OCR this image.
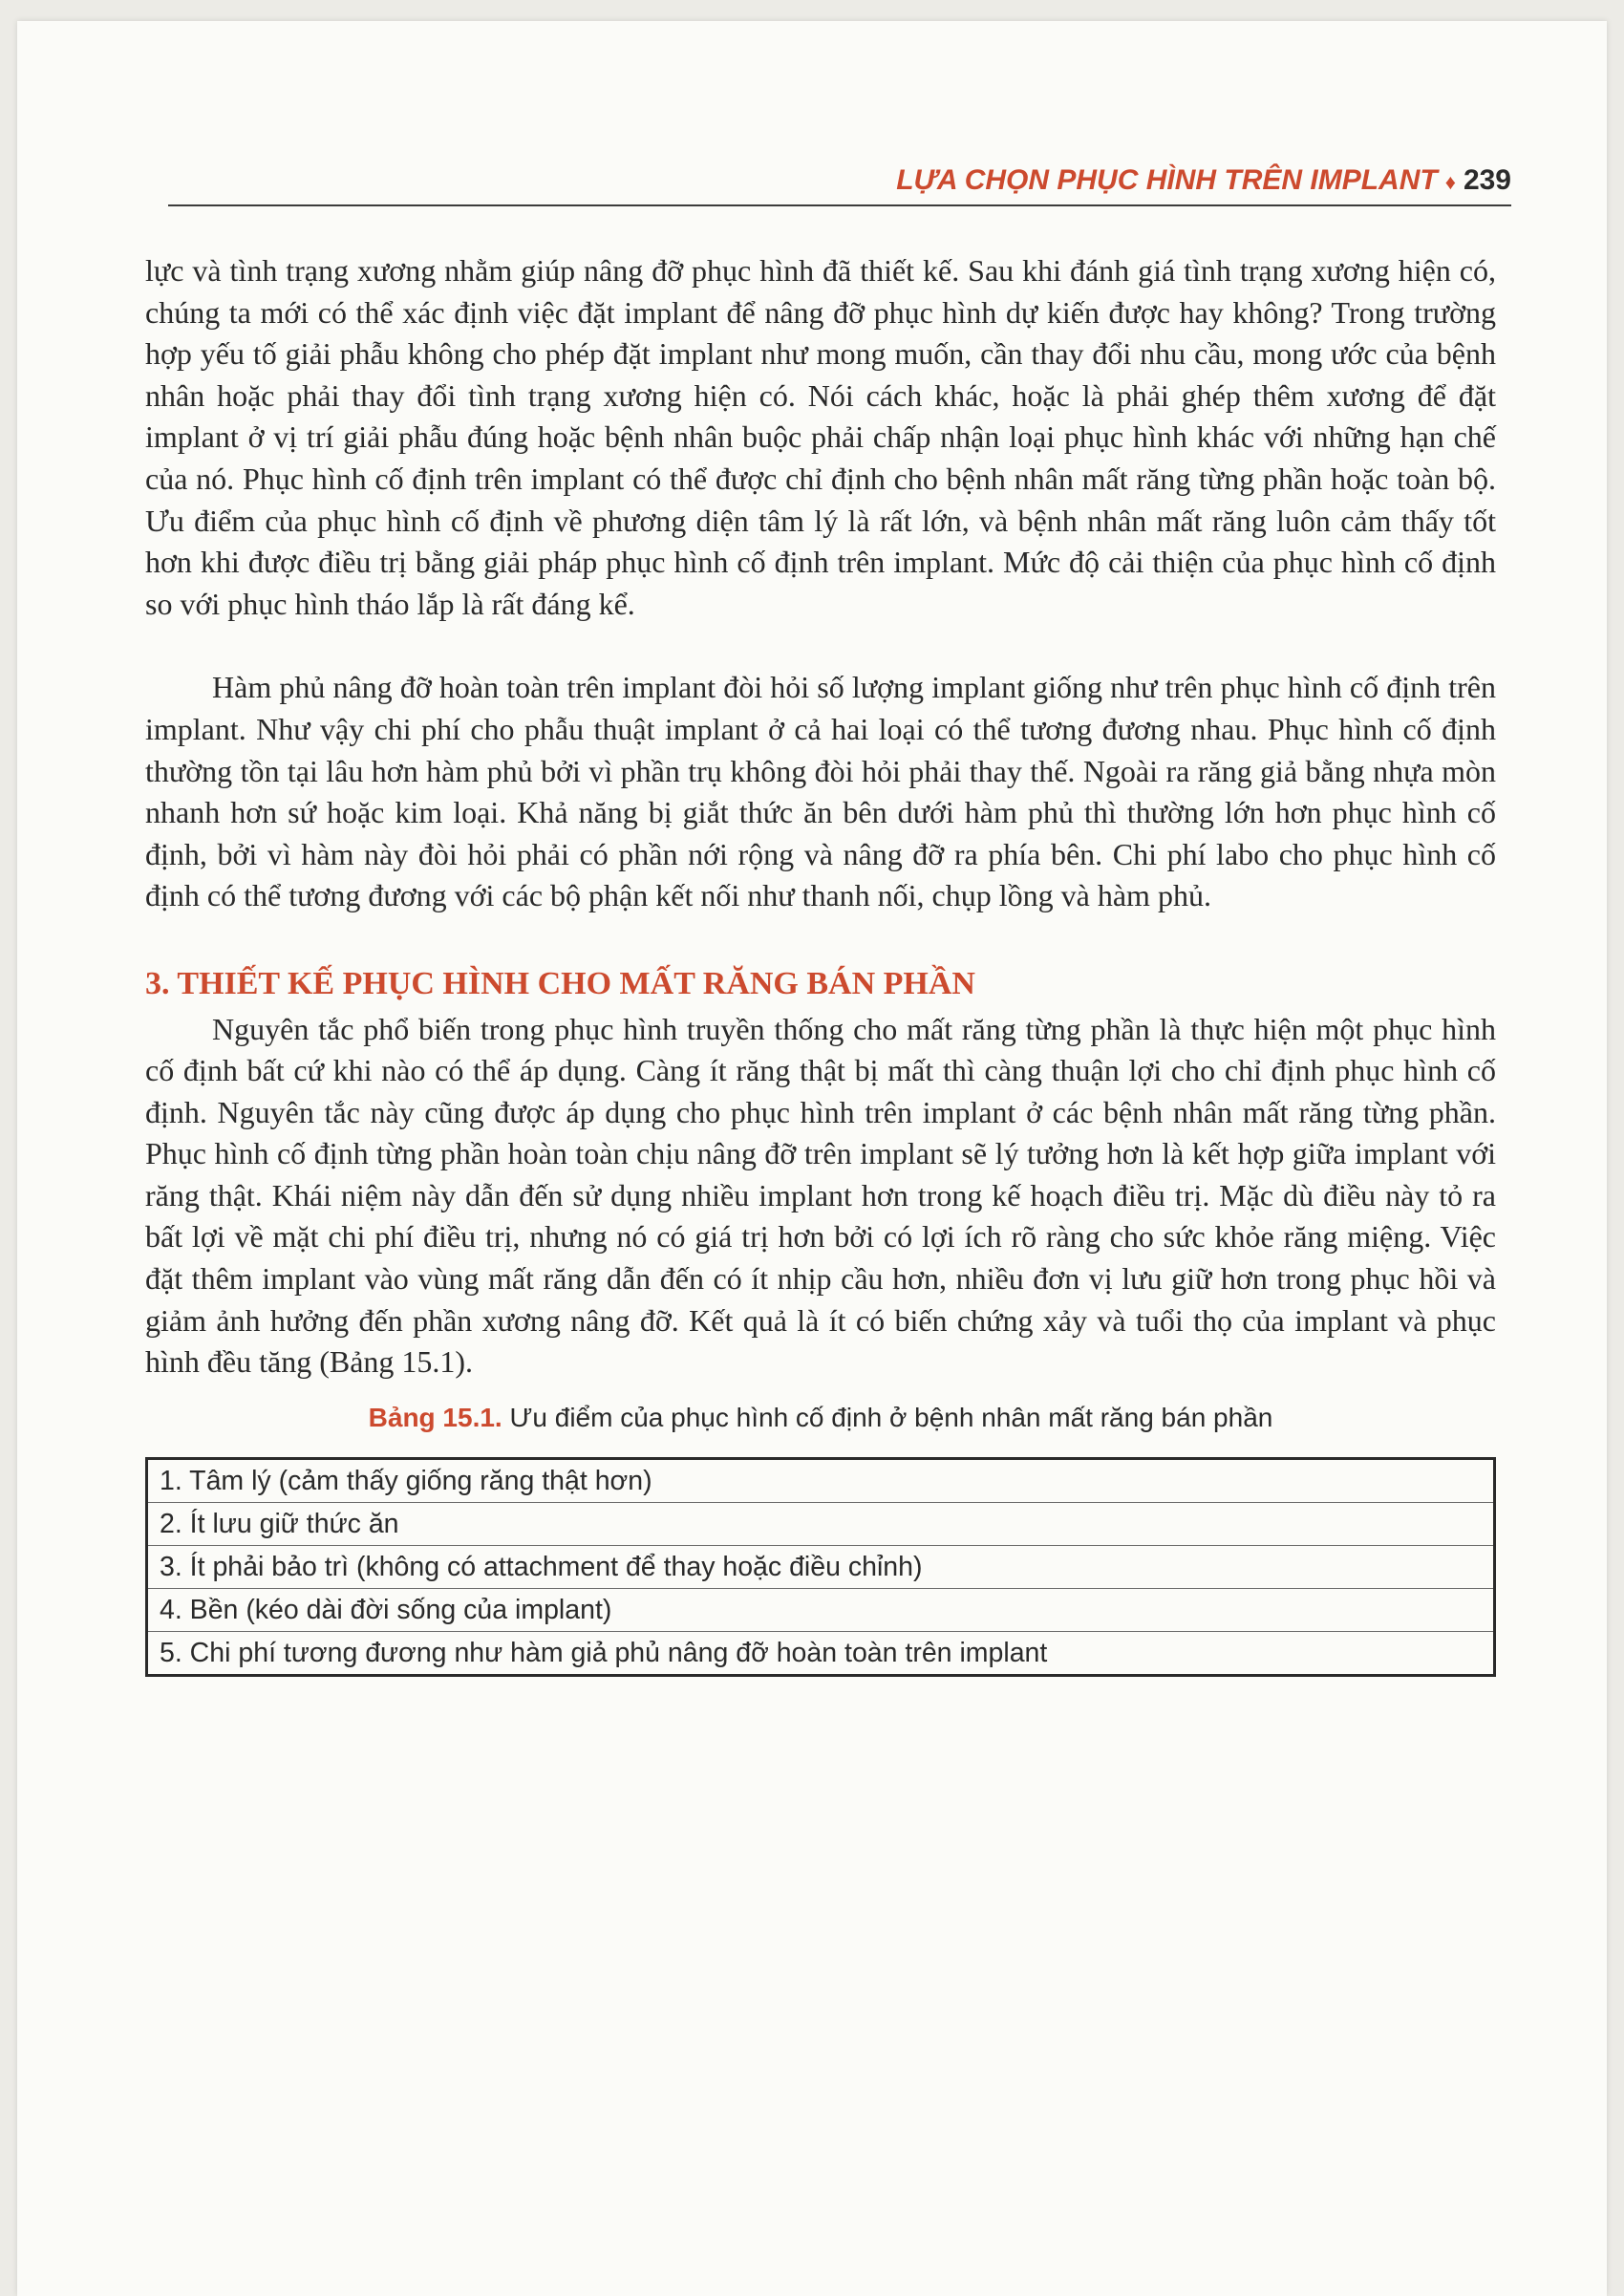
LỰA CHỌN PHỤC HÌNH TRÊN IMPLANT ♦ 239

lực và tình trạng xương nhằm giúp nâng đỡ phục hình đã thiết kế. Sau khi đánh giá tình trạng xương hiện có, chúng ta mới có thể xác định việc đặt implant để nâng đỡ phục hình dự kiến được hay không? Trong trường hợp yếu tố giải phẫu không cho phép đặt implant như mong muốn, cần thay đổi nhu cầu, mong ước của bệnh nhân hoặc phải thay đổi tình trạng xương hiện có. Nói cách khác, hoặc là phải ghép thêm xương để đặt implant ở vị trí giải phẫu đúng hoặc bệnh nhân buộc phải chấp nhận loại phục hình khác với những hạn chế của nó. Phục hình cố định trên implant có thể được chỉ định cho bệnh nhân mất răng từng phần hoặc toàn bộ. Ưu điểm của phục hình cố định về phương diện tâm lý là rất lớn, và bệnh nhân mất răng luôn cảm thấy tốt hơn khi được điều trị bằng giải pháp phục hình cố định trên implant. Mức độ cải thiện của phục hình cố định so với phục hình tháo lắp là rất đáng kể.

Hàm phủ nâng đỡ hoàn toàn trên implant đòi hỏi số lượng implant giống như trên phục hình cố định trên implant. Như vậy chi phí cho phẫu thuật implant ở cả hai loại có thể tương đương nhau. Phục hình cố định thường tồn tại lâu hơn hàm phủ bởi vì phần trụ không đòi hỏi phải thay thế. Ngoài ra răng giả bằng nhựa mòn nhanh hơn sứ hoặc kim loại. Khả năng bị giắt thức ăn bên dưới hàm phủ thì thường lớn hơn phục hình cố định, bởi vì hàm này đòi hỏi phải có phần nới rộng và nâng đỡ ra phía bên. Chi phí labo cho phục hình cố định có thể tương đương với các bộ phận kết nối như thanh nối, chụp lồng và hàm phủ.

3. THIẾT KẾ PHỤC HÌNH CHO MẤT RĂNG BÁN PHẦN

Nguyên tắc phổ biến trong phục hình truyền thống cho mất răng từng phần là thực hiện một phục hình cố định bất cứ khi nào có thể áp dụng. Càng ít răng thật bị mất thì càng thuận lợi cho chỉ định phục hình cố định. Nguyên tắc này cũng được áp dụng cho phục hình trên implant ở các bệnh nhân mất răng từng phần. Phục hình cố định từng phần hoàn toàn chịu nâng đỡ trên implant sẽ lý tưởng hơn là kết hợp giữa implant với răng thật. Khái niệm này dẫn đến sử dụng nhiều implant hơn trong kế hoạch điều trị. Mặc dù điều này tỏ ra bất lợi về mặt chi phí điều trị, nhưng nó có giá trị hơn bởi có lợi ích rõ ràng cho sức khỏe răng miệng. Việc đặt thêm implant vào vùng mất răng dẫn đến có ít nhịp cầu hơn, nhiều đơn vị lưu giữ hơn trong phục hồi và giảm ảnh hưởng đến phần xương nâng đỡ. Kết quả là ít có biến chứng xảy và tuổi thọ của implant và phục hình đều tăng (Bảng 15.1).

Bảng 15.1. Ưu điểm của phục hình cố định ở bệnh nhân mất răng bán phần
1. Tâm lý (cảm thấy giống răng thật hơn)
2. Ít lưu giữ thức ăn
3. Ít phải bảo trì (không có attachment để thay hoặc điều chỉnh)
4. Bền (kéo dài đời sống của implant)
5. Chi phí tương đương như hàm giả phủ nâng đỡ hoàn toàn trên implant
